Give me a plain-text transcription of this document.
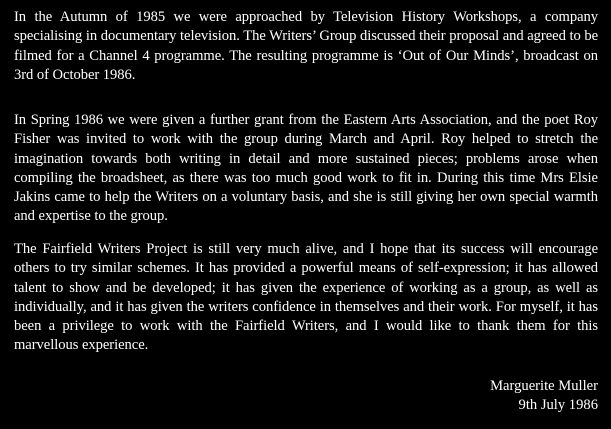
In the Autumn of 1985 we were approached by Television History Workshops, a company specialising in documentary television. The Writers’ Group discussed their proposal and agreed to be filmed for a Channel 4 programme. The resulting programme is ‘Out of Our Minds’, broadcast on 3rd of October 1986.

In Spring 1986 we were given a further grant from the Eastern Arts Association, and the poet Roy Fisher was invited to work with the group during March and April. Roy helped to stretch the imagination towards both writing in detail and more sustained pieces; problems arose when compiling the broadsheet, as there was too much good work to fit in. During this time Mrs Elsie Jakins came to help the Writers on a voluntary basis, and she is still giving her own special warmth and expertise to the group.

The Fairfield Writers Project is still very much alive, and I hope that its success will encourage others to try similar schemes. It has provided a powerful means of self-expression; it has allowed talent to show and be developed; it has given the experience of working as a group, as well as individually, and it has given the writers confidence in themselves and their work. For myself, it has been a privilege to work with the Fairfield Writers, and I would like to thank them for this marvellous experience.

Marguerite Muller
9th July 1986
